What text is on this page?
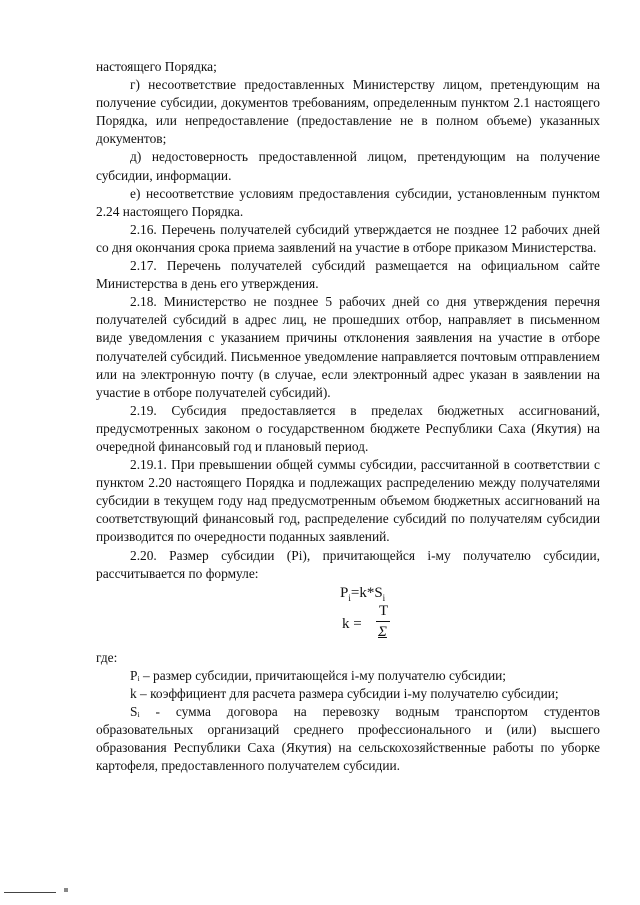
настоящего Порядка;

г) несоответствие предоставленных Министерству лицом, претендующим на получение субсидии, документов требованиям, определенным пунктом 2.1 настоящего Порядка, или непредоставление (предоставление не в полном объеме) указанных документов;

д) недостоверность предоставленной лицом, претендующим на получение субсидии, информации.

е) несоответствие условиям предоставления субсидии, установленным пунктом 2.24 настоящего Порядка.

2.16. Перечень получателей субсидий утверждается не позднее 12 рабочих дней со дня окончания срока приема заявлений на участие в отборе приказом Министерства.

2.17. Перечень получателей субсидий размещается на официальном сайте Министерства в день его утверждения.

2.18. Министерство не позднее 5 рабочих дней со дня утверждения перечня получателей субсидий в адрес лиц, не прошедших отбор, направляет в письменном виде уведомления с указанием причины отклонения заявления на участие в отборе получателей субсидий. Письменное уведомление направляется почтовым отправлением или на электронную почту (в случае, если электронный адрес указан в заявлении на участие в отборе получателей субсидий).

2.19. Субсидия предоставляется в пределах бюджетных ассигнований, предусмотренных законом о государственном бюджете Республики Саха (Якутия) на очередной финансовый год и плановый период.

2.19.1. При превышении общей суммы субсидии, рассчитанной в соответствии с пунктом 2.20 настоящего Порядка и подлежащих распределению между получателями субсидии в текущем году над предусмотренным объемом бюджетных ассигнований на соответствующий финансовый год, распределение субсидий по получателям субсидии производится по очередности поданных заявлений.

2.20. Размер субсидии (Pi), причитающейся i-му получателю субсидии, рассчитывается по формуле:

$P_i=k*S_i$
k =
T
Σ

где:

Pᵢ – размер субсидии, причитающейся i-му получателю субсидии;

k – коэффициент для расчета размера субсидии i-му получателю субсидии;

Sᵢ - сумма договора на перевозку водным транспортом студентов образовательных организаций среднего профессионального и (или) высшего образования Республики Саха (Якутия) на сельскохозяйственные работы по уборке картофеля, предоставленного получателем субсидии.
